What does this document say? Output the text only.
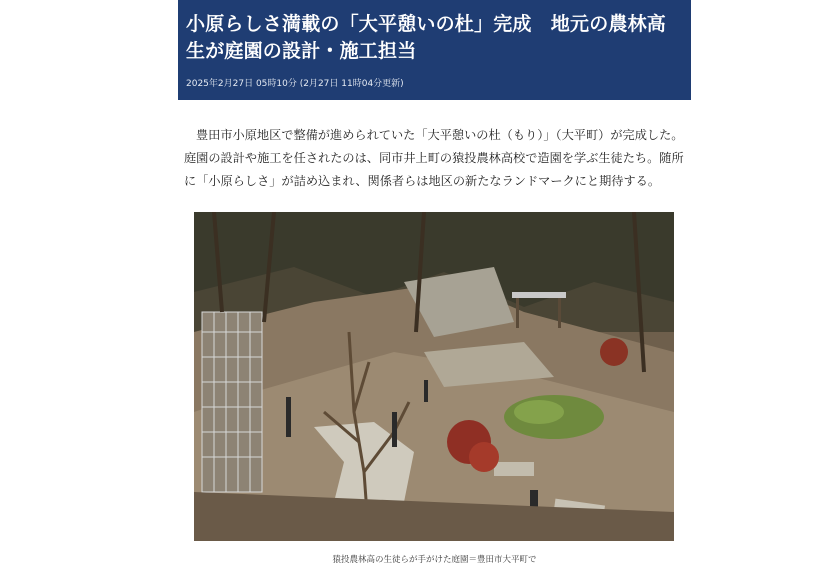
小原らしさ満載の「大平憩いの杜」完成　地元の農林高生が庭園の設計・施工担当
2025年2月27日 05時10分 (2月27日 11時04分更新)

豊田市小原地区で整備が進められていた「大平憩いの杜（もり）」（大平町）が完成した。庭園の設計や施工を任されたのは、同市井上町の猿投農林高校で造園を学ぶ生徒たち。随所に「小原らしさ」が詰め込まれ、関係者らは地区の新たなランドマークにと期待する。

猿投農林高の生徒らが手がけた庭園＝豊田市大平町で
